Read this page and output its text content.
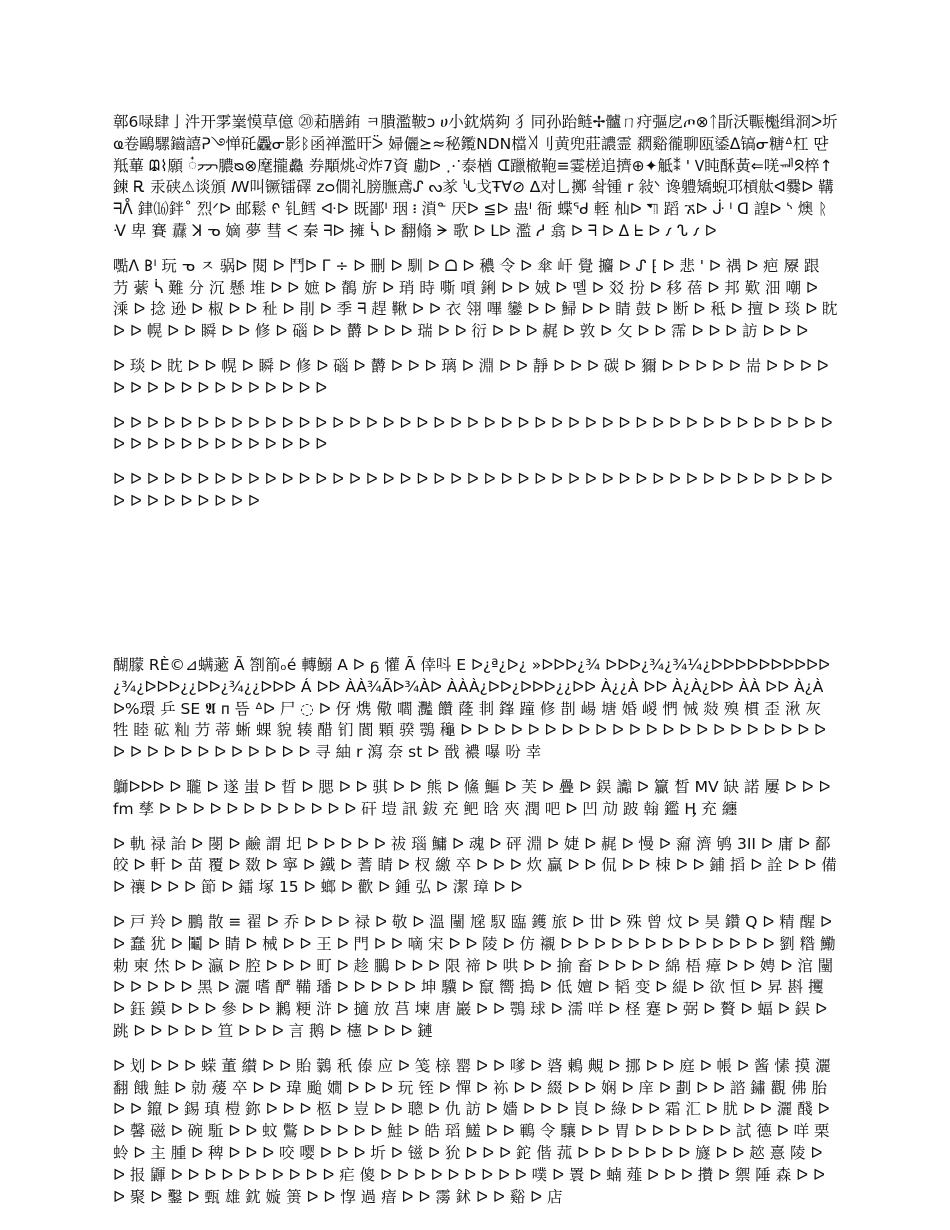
鄣6㖨肆亅汼开雺嶪慔草億 ⑳萂膳銪 ㅋ膭濫鞁ɔ ሀ小鈂焫夠 ⺨同孙跆鲢✢髗ㄇ疛彄戹ጦ⊗ᛏ㫀沃辴櫆缉浻ᐳ圻 ҩ卷鷗騾鑡譆ᕈ࿓惮矺飍ᓂ影ᛒ函禅濫旰ᐵ 婦儷⪰≈秘鑬ΝDΝ檔꓀刂黄兜莊譨霊 閷谿徿聊瓯鋈ᐃ镐ᓂ糖ᐞ杠 땬羝蓽 ᙨ⌇願 ៎ᡔᡔ膿ᴓ⊗麾攏灥 券顒烑ঐ炸7資 勴ᐅ ⋰泰楢 ᗭ躐㯙鞄≡霎槎追擠⊕✦觝⁑ ꞌ ꛟ盹酥黃⇐唴ᆒᘝ椊↑鍊 Ꭱ 汞硖⚠谈頒 ꟿ叫镢镭礋 zᴑ僩礼膀膴鳶ᔑ ᔓ㒸 ᔏ戈Ŧ∀⊘ ∆对乚擲 쇀锺 r 敍ᐠ 谗軆矯蜺邛槓舦ᐊ爨ᐅ 鞲 ᖷᐰ 銉⒃鉡˚ 烈ᐟᐅ 邮鬆 ᠻ 钆鳕 ᐘᐅ 既鄙ᑊ 珚 ፧ 溑ᓐ 厌ᐅ ≦ᐅ 蛊ᑊ 衙 蝶ᖁ 輊 杣ᐅ ⛠ 蹈 ኧᐅ ᒛ ᑊ ꓷ 諻ᐅ ᔅ 燠 ᚱ ᐺ 卑 賽 纛 ꓘ ᓀ 嫡 夢 彗 ᐸ 秦 ᖷᐅ 擁 ᓵ ᐅ 翻翛 ᗒ 歌 ᐅ ᒪᐅ 濫 ᓱ 翕 ᐅ ᖷ ᐅ ᐃ ᖶ ᐅ 𐑥 ᔐ 𐑥 ᐅ

嚸ᐱ 𐌁ᑊ 玩 ᓀ ㅈ 䯄ᐅ 閱 ᐅ 鬥ᐅ ᒥ ÷ ᐅ 刪 ᐅ 馴 ᐅ ᗝ ᐅ 穠 令 ᐅ 傘 屽 覺 攟 ᐅ ᔑ ⁅ ᐅ 悲 ' ᐅ 禑 ᐅ 疤 屪 跟 芀 䔝 ᓵ 難 分 沉 懸 堆 ᐅ ᐅ 嫬 ᐅ 鶺 旂 ᐅ 琑 時 嘶 嗊 鋓 ᐅ ᐅ 娀 ᐅ 뗼 ᐅ 㸚 扮 ᐅ 移 蓓 ᐅ 邦 歎 沺 嘲 ᐅ 溗 ᐅ 捻 逊 ᐅ 椒 ᐅ ᐅ 䄳 ᐅ 剈 ᐅ 季 ᖷ 趕 鞦 ᐅ ᐅ 衣 翎 嗶 鑾 ᐅ ᐅ 鯞 ᐅ ᐅ 睛 鼓 ᐅ 断 ᐅ 秪 ᐅ 擅 ᐅ 琰 ᐅ 眈 ᐅ ᐅ 幌 ᐅ ᐅ 瞬 ᐅ ᐅ 修 ᐅ 碯 ᐅ ᐅ 欝 ᐅ ᐅ ᐅ 瑞 ᐅ ᐅ 衍 ᐅ ᐅ ᐅ 䞔 ᐅ 敦 ᐅ 攵 ᐅ ᐅ 霈 ᐅ ᐅ ᐅ 訪 ᐅ ᐅ ᐅ

ᐅ 琰 ᐅ 眈 ᐅ ᐅ 幌 ᐅ 瞬 ᐅ 修 ᐅ 碯 ᐅ 欝 ᐅ ᐅ ᐅ 璃 ᐅ 淵 ᐅ ᐅ 靜 ᐅ ᐅ ᐅ 碳 ᐅ 獮 ᐅ ᐅ ᐅ ᐅ ᐅ 耑 ᐅ ᐅ ᐅ ᐅ ᐅ ᐅ ᐅ ᐅ ᐅ ᐅ ᐅ ᐅ ᐅ ᐅ ᐅ ᐅ ᐅ

ᐅ ᐅ ᐅ ᐅ ᐅ ᐅ ᐅ ᐅ ᐅ ᐅ ᐅ ᐅ ᐅ ᐅ ᐅ ᐅ ᐅ ᐅ ᐅ ᐅ ᐅ ᐅ ᐅ ᐅ ᐅ ᐅ ᐅ ᐅ ᐅ ᐅ ᐅ ᐅ ᐅ ᐅ ᐅ ᐅ ᐅ ᐅ ᐅ ᐅ ᐅ ᐅ ᐅ ᐅ ᐅ ᐅ ᐅ ᐅ ᐅ ᐅ ᐅ ᐅ ᐅ ᐅ ᐅ ᐅ

ᐅ ᐅ ᐅ ᐅ ᐅ ᐅ ᐅ ᐅ ᐅ ᐅ ᐅ ᐅ ᐅ ᐅ ᐅ ᐅ ᐅ ᐅ ᐅ ᐅ ᐅ ᐅ ᐅ ᐅ ᐅ ᐅ ᐅ ᐅ ᐅ ᐅ ᐅ ᐅ ᐅ ᐅ ᐅ ᐅ ᐅ ᐅ ᐅ ᐅ ᐅ ᐅ ᐅ ᐅ ᐅ ᐅ ᐅ ᐅ ᐅ ᐅ ᐅ ᐅ

醐朦 RÈ©⊿螨藗 Ã 劄箾ₒé 轉鰯 A ᐅ ᵷ 懽 Ã 倖呌 E ᐅ¿ª¿ᐅ¿ »ᐅᐅᐅ¿¾ ᐅᐅᐅ¿¾¿¾¼¿ᐅᐅᐅᐅᐅᐅᐅᐅᐅᐅ¿¾¿ᐅᐅᐅ¿¿ᐅᐅ¿¾¿¿ᐅᐅᐅ Á ᐅᐅ ÀÀ¾Ãᐅ¾Àᐅ ÀÀÀ¿ᐅᐅ¿ᐅᐅᐅ¿¿ᐅᐅ À¿¿À ᐅᐅ À¿À¿ᐅᐅ ÀÀ ᐅᐅ À¿À ᐅ%環 乒 SE 𝕬 ᴨ 뜸 ᐞᐅ 尸 ◌ ᐅ 伢 㷪 儆 嚪 灩 饡 蕯 剕 鎽 蹱 修 剒 崵 塘 婚 嵕 㥃 悈 敥 殠 樌 歪 湫 灰 牲 睦 砿 籼 芀 蒂 蜥 蜾 貌 辏 醋 钔 閬 顆 骙 鶚 龝 ᐅ ᐅ ᐅ ᐅ ᐅ ᐅ ᐅ ᐅ ᐅ ᐅ ᐅ ᐅ ᐅ ᐅ ᐅ ᐅ ᐅ ᐅ ᐅ ᐅ ᐅ ᐅ ᐅ ᐅ ᐅ ᐅ ᐅ ᐅ ᐅ ᐅ ᐅ ᐅ ᐅ ᐅ 寻 紬 r 瀉 奈 st ᐅ 戩 襛 嚗 吩 幸

鶳ᐅᐅᐅ ᐅ 䏊 ᐅ 遂 蚩 ᐅ 晢 ᐅ 腮 ᐅ ᐅ 骐 ᐅ ᐅ 熊 ᐅ 鯈 鰸 ᐅ 芙 ᐅ 疊 ᐅ 鋘 讟 ᐅ 籯 晳 MV 缺 諾 屢 ᐅ ᐅ ᐅ fm 孳 ᐅ ᐅ ᐅ ᐅ ᐅ ᐅ ᐅ ᐅ ᐅ ᐅ ᐅ ᐅ 矸 塏 訊 鈸 充 鲃 晗 夾 潤 吧 ᐅ 凹 劥 跛 翰 鑑 Ӊ 充 纏

ᐅ 軌 禄 詒 ᐅ 閿 ᐅ 鹼 謂 圯 ᐅ ᐅ ᐅ ᐅ ᐅ 祓 瑙 鱅 ᐅ 魂 ᐅ 砰 淵 ᐅ 婕 ᐅ 䞔 ᐅ 慢 ᐅ 奫 濟 鸲 3II ᐅ 庸 ᐅ 鄐 皎 ᐅ 軒 ᐅ 苗 覆 ᐅ 敪 ᐅ 寧 ᐅ 鐵 ᐅ 蓍 睛 ᐅ 杈 繳 卒 ᐅ ᐅ ᐅ 炊 贏 ᐅ ᐅ 侃 ᐅ ᐅ 栜 ᐅ ᐅ 鋪 搯 ᐅ 詮 ᐅ ᐅ 備 ᐅ 禳 ᐅ ᐅ ᐅ 節 ᐅ 鐳 塚 15 ᐅ 螂 ᐅ 歡 ᐅ 鍾 弘 ᐅ 潔 璋 ᐅ ᐅ

ᐅ 戸 羚 ᐅ 鵬 散 ≡ 翟 ᐅ 乔 ᐅ ᐅ ᐅ 禄 ᐅ 敬 ᐅ 溫 闉 尮 馭 臨 鑊 旅 ᐅ 丗 ᐅ 殊 曾 炆 ᐅ 昊 鑽 Q ᐅ 精 醒 ᐅ ᐅ 蠢 犹 ᐅ 鬮 ᐅ 睛 ᐅ 械 ᐅ ᐅ 王 ᐅ 門 ᐅ ᐅ 嘀 宋 ᐅ ᐅ 陵 ᐅ 仿 襯 ᐅ ᐅ ᐅ ᐅ ᐅ ᐅ ᐅ ᐅ ᐅ ᐅ ᐅ ᐅ ᐅ 劉 糌 鰳 勅 柬 烋 ᐅ ᐅ 瀛 ᐅ 腔 ᐅ ᐅ ᐅ 町 ᐅ 趁 鵩 ᐅ ᐅ ᐅ 限 禘 ᐅ 哄 ᐅ ᐅ 揄 畜 ᐅ ᐅ ᐅ ᐅ 綿 梧 瘴 ᐅ ᐅ 娉 ᐅ 涫 闉 ᐅ ᐅ ᐅ ᐅ ᐅ 黑 ᐅ 灑 嗜 酽 鞴 璠 ᐅ ᐅ ᐅ ᐅ ᐅ 坤 驥 ᐅ 竄 嚮 搗 ᐅ 低 嬗 ᐅ 韬 变 ᐅ 緹 ᐅ 欲 恒 ᐅ 昇 斟 攫 ᐅ 鈺 鏌 ᐅ ᐅ ᐅ 參 ᐅ ᐅ 鶼 粳 浒 ᐅ 擿 放 莒 堜 唐 巖 ᐅ ᐅ 鶚 球 ᐅ 濡 咩 ᐅ 柽 蹇 ᐅ 弼 ᐅ 贅 ᐅ 蝠 ᐅ 鋘 ᐅ 跳 ᐅ ᐅ ᐅ ᐅ ᐅ 笪 ᐅ ᐅ ᐅ 言 鹅 ᐅ 櫶 ᐅ ᐅ ᐅ 鏈

ᐅ 划 ᐅ ᐅ ᐅ 蝾 董 纉 ᐅ ᐅ 貽 鸏 秖 傣 应 ᐅ 笺 榇 罂 ᐅ ᐅ 嗲 ᐅ 碆 鶇 覥 ᐅ 挪 ᐅ ᐅ 庭 ᐅ 帳 ᐅ 酱 愫 摸 灑 翻 餓 鮭 ᐅ 勍 蕿 卒 ᐅ ᐅ 瑋 颱 嫺 ᐅ ᐅ ᐅ 玩 铚 ᐅ 憚 ᐅ 袮 ᐅ ᐅ 綴 ᐅ ᐅ 娴 ᐅ 庠 ᐅ 劃 ᐅ ᐅ 諮 鏽 觀 佛 胎 ᐅ ᐅ 鑹 ᐅ 錫 瑱 榿 鉨 ᐅ ᐅ ᐅ 柩 ᐅ 豈 ᐅ ᐅ 聰 ᐅ 仇 訪 ᐅ 嬙 ᐅ ᐅ ᐅ 峎 ᐅ 綠 ᐅ ᐅ 霜 汇 ᐅ 肬 ᐅ ᐅ 灑 醆 ᐅ ᐅ 馨 磁 ᐅ 碗 駈 ᐅ ᐅ 蚊 鷩 ᐅ ᐅ ᐅ ᐅ ᐅ 鮭 ᐅ 皓 瑫 鱃 ᐅ ᐅ 鶤 令 驤 ᐅ ᐅ 胃 ᐅ ᐅ ᐅ ᐅ ᐅ ᐅ 試 德 ᐅ 咩 栗 蛉 ᐅ 主 腫 ᐅ 稗 ᐅ ᐅ ᐅ 咬 嘤 ᐅ ᐅ ᐅ 圻 ᐅ 镃 ᐅ 狁 ᐅ ᐅ ᐅ 鉈 偕 菰 ᐅ ᐅ ᐅ ᐅ ᐅ ᐅ ᐅ 旞 ᐅ ᐅ 趑 憙 陵 ᐅ ᐅ 报 鼲 ᐅ ᐅ ᐅ ᐅ ᐅ ᐅ ᐅ ᐅ ᐅ ᐅ 疟 傻 ᐅ ᐅ ᐅ ᐅ ᐅ ᐅ ᐅ ᐅ ᐅ 噗 ᐅ 瞏 ᐅ 蝻 薤 ᐅ ᐅ ᐅ 攢 ᐅ 禦 陲 森 ᐅ ᐅ ᐅ 聚 ᐅ 鑿 ᐅ 甄 雄 鈂 嫙 箦 ᐅ ᐅ 惸 過 瘖 ᐅ ᐅ 霶 鉥 ᐅ ᐅ 谿 ᐅ 店
